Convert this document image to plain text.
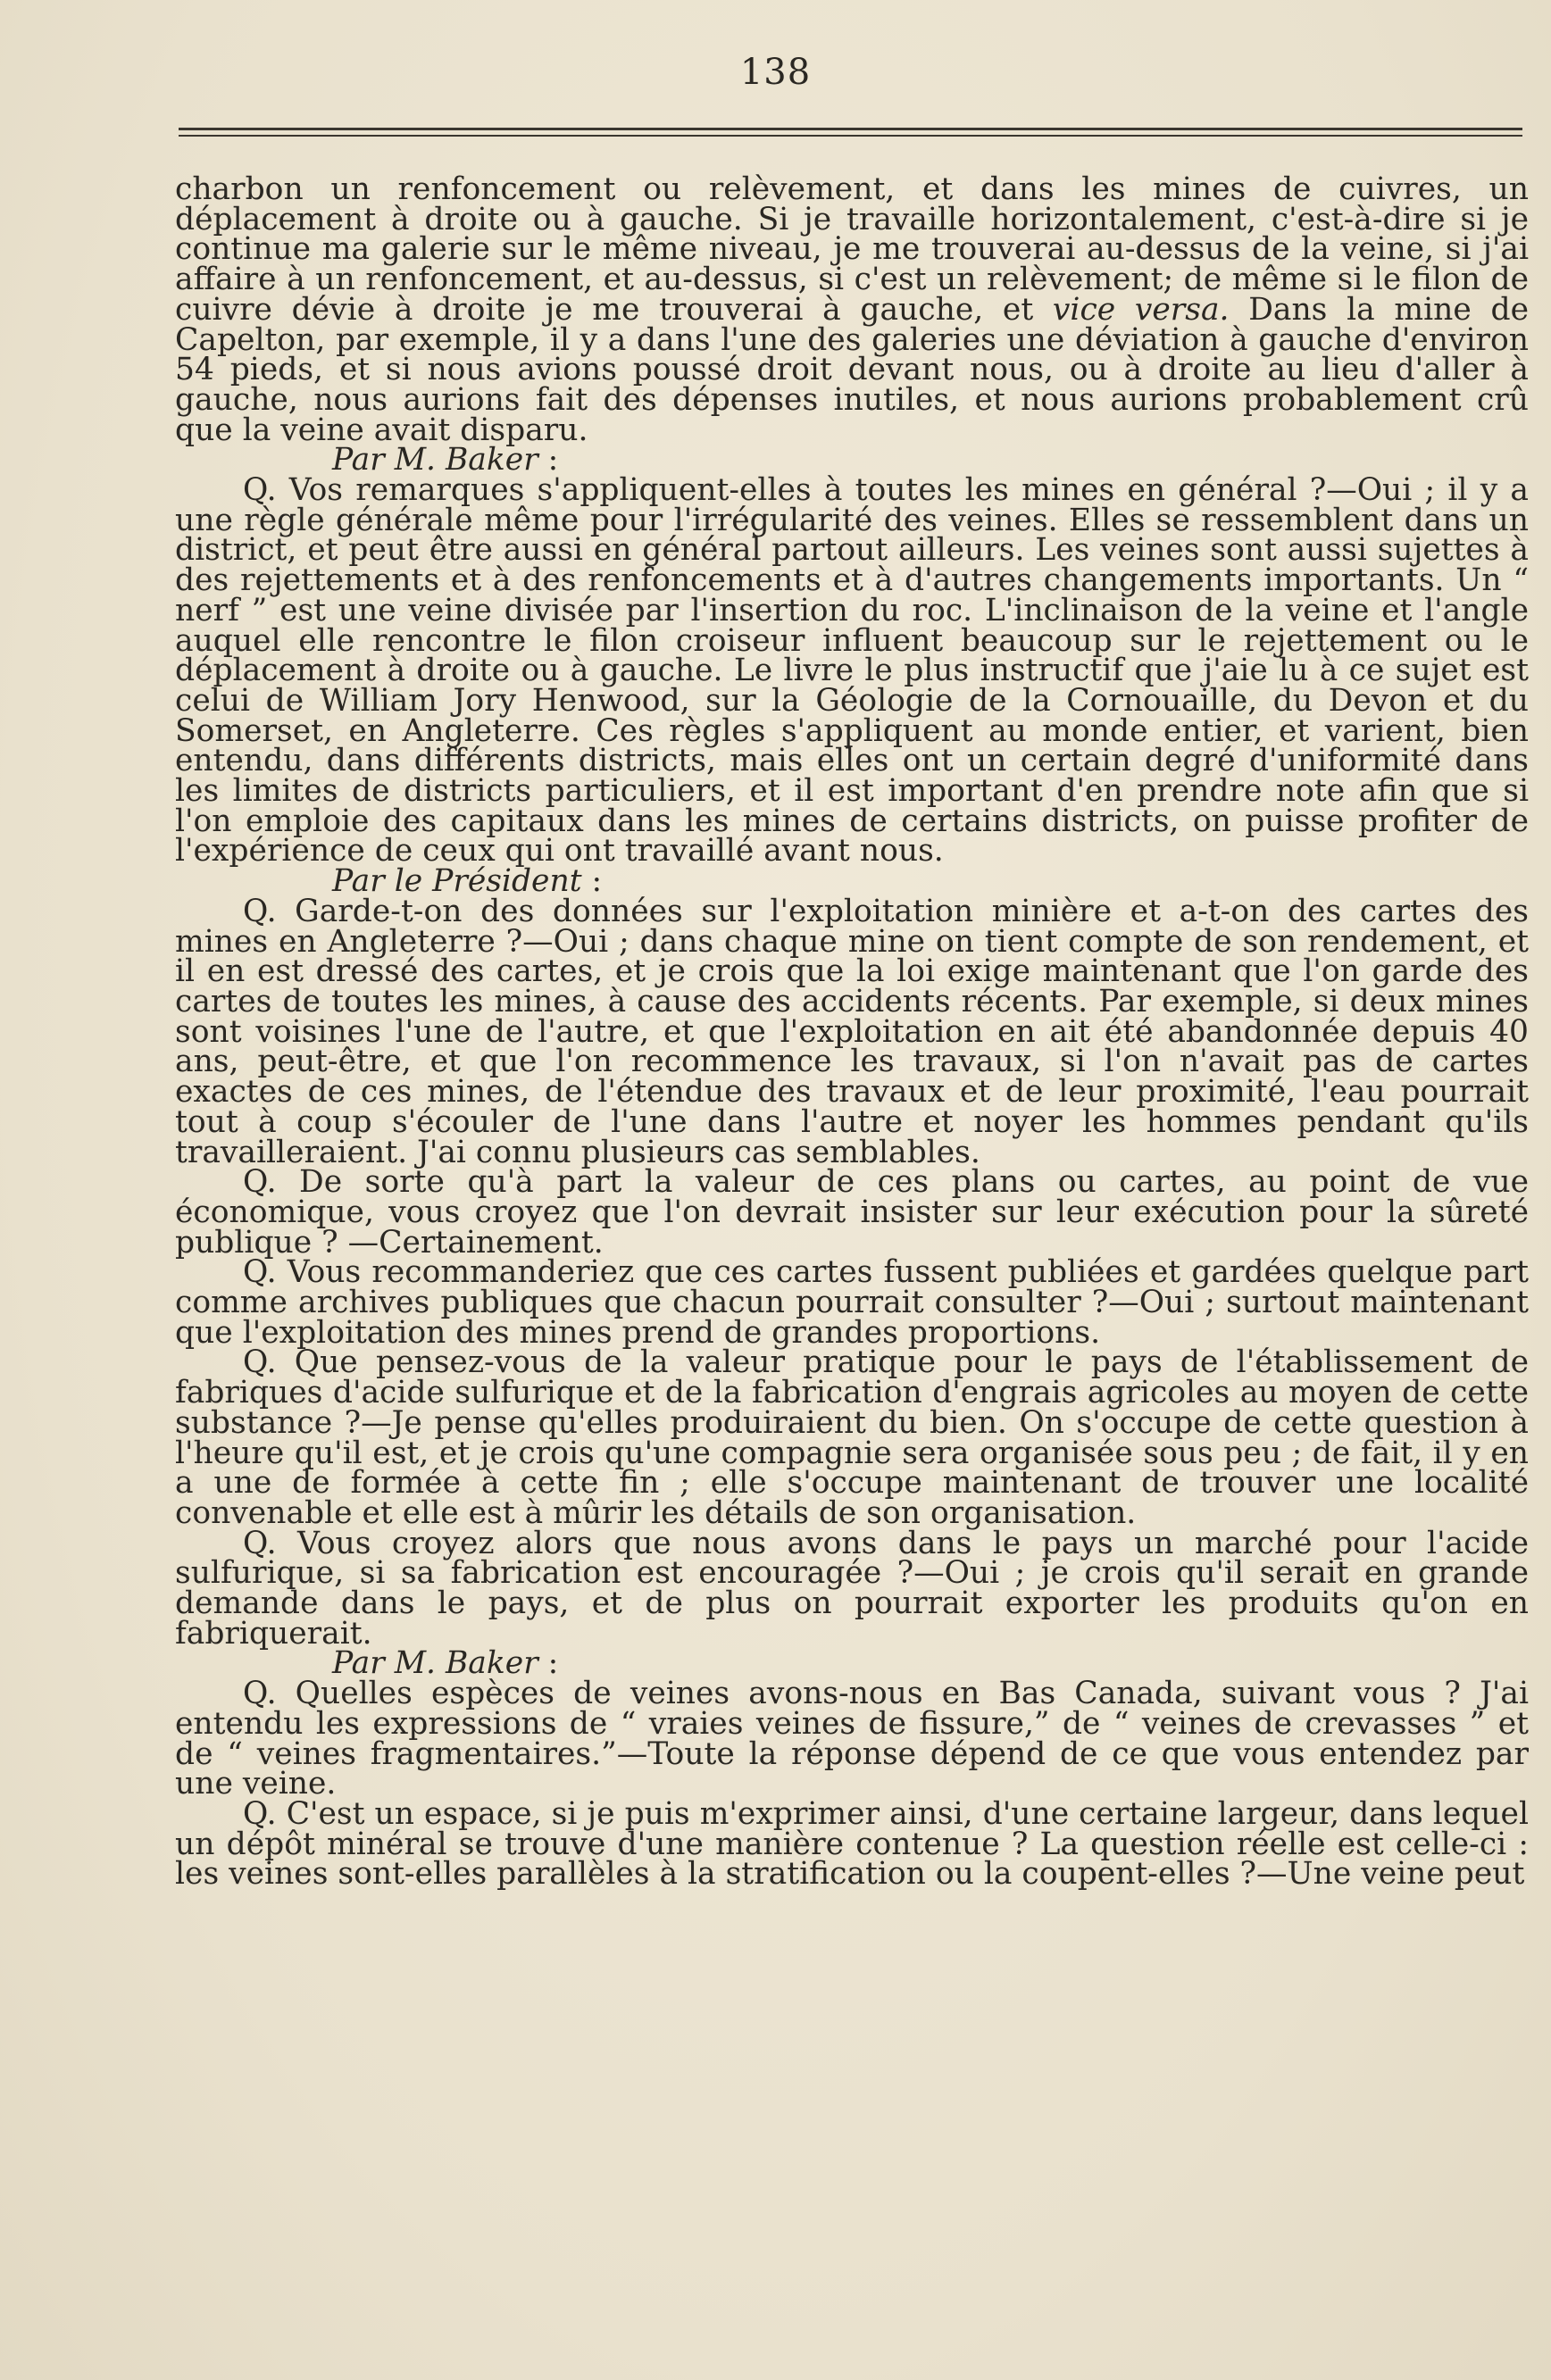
138

charbon un renfoncement ou relèvement, et dans les mines de cuivres, un déplacement à droite ou à gauche. Si je travaille horizontalement, c'est-à-dire si je continue ma galerie sur le même niveau, je me trouverai au-dessus de la veine, si j'ai affaire à un renfoncement, et au-dessus, si c'est un relèvement; de même si le filon de cuivre dévie à droite je me trouverai à gauche, et vice versa. Dans la mine de Capelton, par exemple, il y a dans l'une des galeries une déviation à gauche d'environ 54 pieds, et si nous avions poussé droit devant nous, ou à droite au lieu d'aller à gauche, nous aurions fait des dépenses inutiles, et nous aurions probablement crû que la veine avait disparu.

Par M. Baker :

Q. Vos remarques s'appliquent-elles à toutes les mines en général ?—Oui ; il y a une règle générale même pour l'irrégularité des veines. Elles se ressemblent dans un district, et peut être aussi en général partout ailleurs. Les veines sont aussi sujettes à des rejettements et à des renfoncements et à d'autres changements importants. Un “ nerf ” est une veine divisée par l'insertion du roc. L'inclinaison de la veine et l'angle auquel elle rencontre le filon croiseur influent beaucoup sur le rejettement ou le déplacement à droite ou à gauche. Le livre le plus instructif que j'aie lu à ce sujet est celui de William Jory Henwood, sur la Géologie de la Cornouaille, du Devon et du Somerset, en Angleterre. Ces règles s'appliquent au monde entier, et varient, bien entendu, dans différents districts, mais elles ont un certain degré d'uniformité dans les limites de districts particuliers, et il est important d'en prendre note afin que si l'on emploie des capitaux dans les mines de certains districts, on puisse profiter de l'expérience de ceux qui ont travaillé avant nous.

Par le Président :

Q. Garde-t-on des données sur l'exploitation minière et a-t-on des cartes des mines en Angleterre ?—Oui ; dans chaque mine on tient compte de son rendement, et il en est dressé des cartes, et je crois que la loi exige maintenant que l'on garde des cartes de toutes les mines, à cause des accidents récents. Par exemple, si deux mines sont voisines l'une de l'autre, et que l'exploitation en ait été abandonnée depuis 40 ans, peut-être, et que l'on recommence les travaux, si l'on n'avait pas de cartes exactes de ces mines, de l'étendue des travaux et de leur proximité, l'eau pourrait tout à coup s'écouler de l'une dans l'autre et noyer les hommes pendant qu'ils travailleraient. J'ai connu plusieurs cas semblables.

Q. De sorte qu'à part la valeur de ces plans ou cartes, au point de vue économique, vous croyez que l'on devrait insister sur leur exécution pour la sûreté publique ? —Certainement.

Q. Vous recommanderiez que ces cartes fussent publiées et gardées quelque part comme archives publiques que chacun pourrait consulter ?—Oui ; surtout maintenant que l'exploitation des mines prend de grandes proportions.

Q. Que pensez-vous de la valeur pratique pour le pays de l'établissement de fabriques d'acide sulfurique et de la fabrication d'engrais agricoles au moyen de cette substance ?—Je pense qu'elles produiraient du bien. On s'occupe de cette question à l'heure qu'il est, et je crois qu'une compagnie sera organisée sous peu ; de fait, il y en a une de formée à cette fin ; elle s'occupe maintenant de trouver une localité convenable et elle est à mûrir les détails de son organisation.

Q. Vous croyez alors que nous avons dans le pays un marché pour l'acide sulfurique, si sa fabrication est encouragée ?—Oui ; je crois qu'il serait en grande demande dans le pays, et de plus on pourrait exporter les produits qu'on en fabriquerait.

Par M. Baker :

Q. Quelles espèces de veines avons-nous en Bas Canada, suivant vous ? J'ai entendu les expressions de “ vraies veines de fissure,” de “ veines de crevasses ” et de “ veines fragmentaires.”—Toute la réponse dépend de ce que vous entendez par une veine.

Q. C'est un espace, si je puis m'exprimer ainsi, d'une certaine largeur, dans lequel un dépôt minéral se trouve d'une manière contenue ? La question réelle est celle-ci : les veines sont-elles parallèles à la stratification ou la coupent-elles ?—Une veine peut
